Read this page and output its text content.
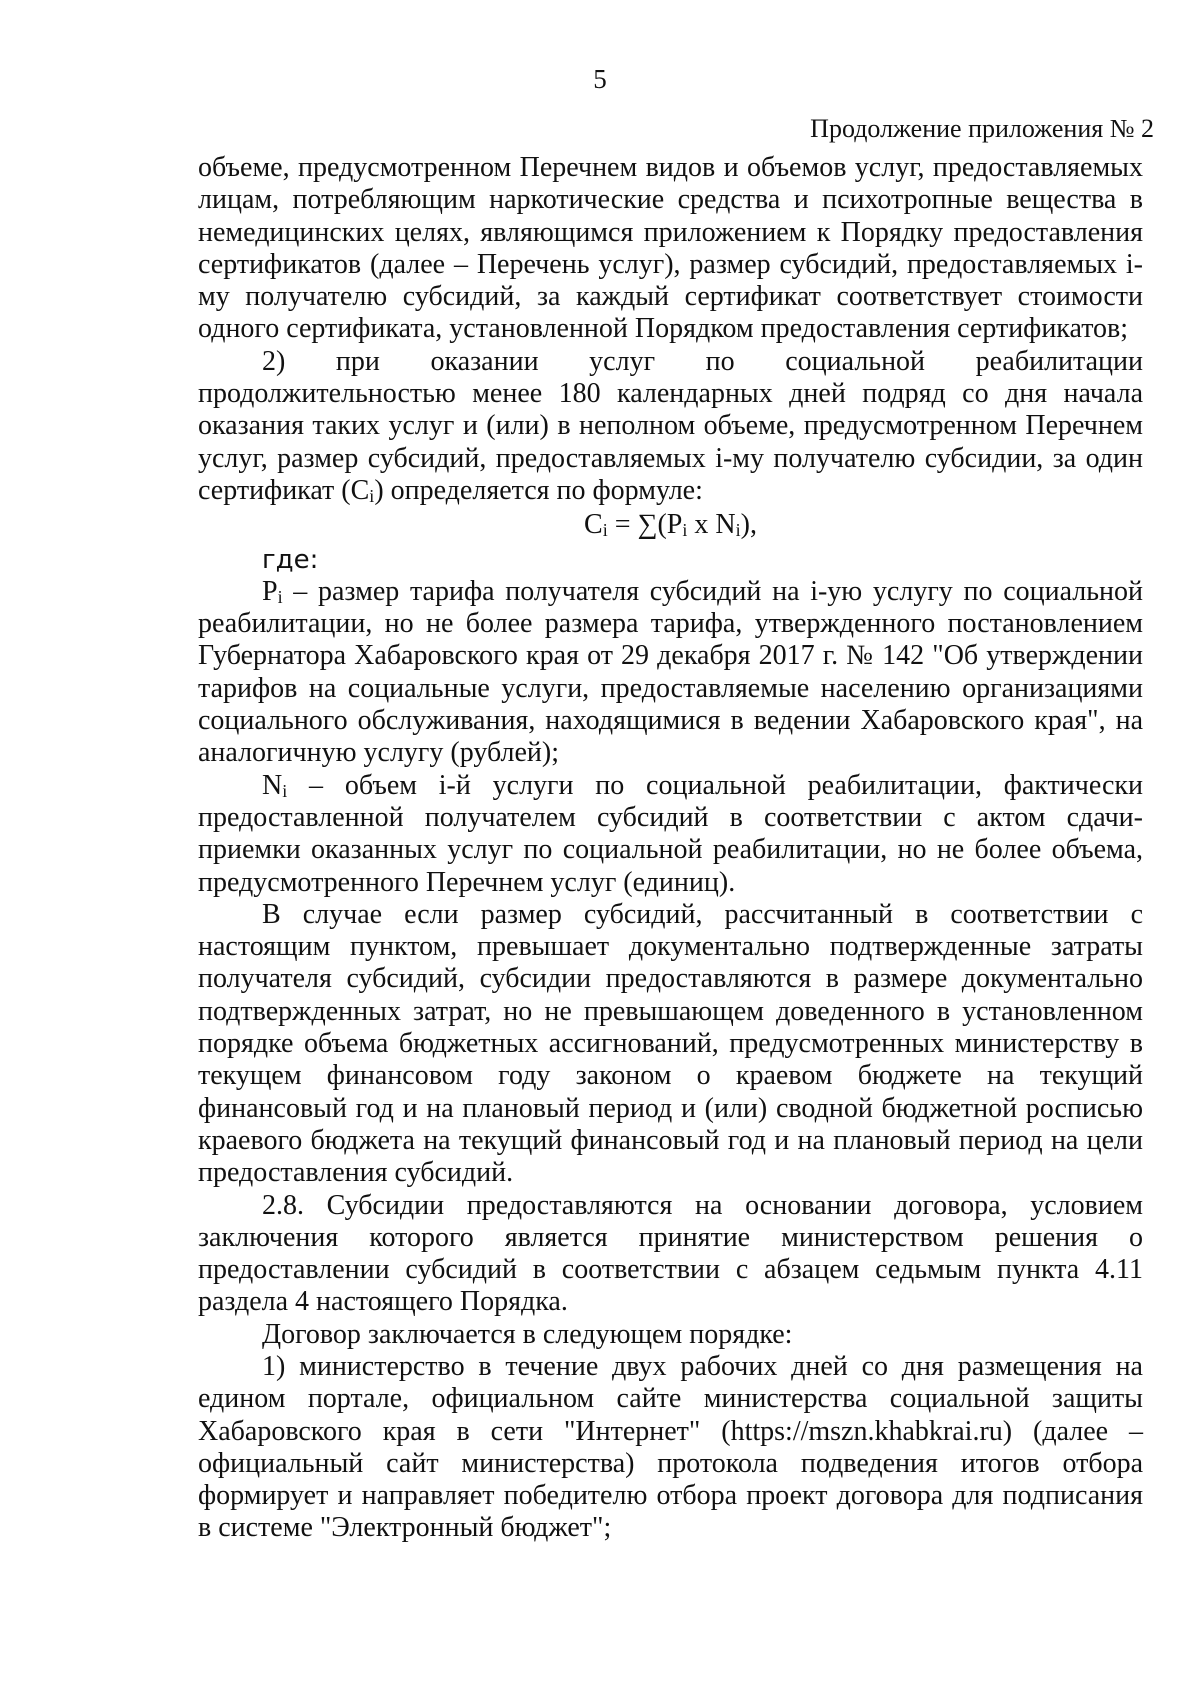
5
Продолжение приложения № 2

объеме, предусмотренном Перечнем видов и объемов услуг, предоставляемых лицам, потребляющим наркотические средства и психотропные вещества в немедицинских целях, являющимся приложением к Порядку предоставления сертификатов (далее – Перечень услуг), размер субсидий, предоставляемых i-му получателю субсидий, за каждый сертификат соответствует стоимости одного сертификата, установленной Порядком предоставления сертификатов;

2) при оказании услуг по социальной реабилитации продолжительностью менее 180 календарных дней подряд со дня начала оказания таких услуг и (или) в неполном объеме, предусмотренном Перечнем услуг, размер субсидий, предоставляемых i-му получателю субсидии, за один сертификат $(C_i)$ определяется по формуле:

$C_i = \sum(P_i$ x $N_i$),

где:

$P_i$ – размер тарифа получателя субсидий на i-ую услугу по социальной реабилитации, но не более размера тарифа, утвержденного постановлением Губернатора Хабаровского края от 29 декабря 2017 г. № 142 "Об утверждении тарифов на социальные услуги, предоставляемые населению организациями социального обслуживания, находящимися в ведении Хабаровского края", на аналогичную услугу (рублей);

$N_i$ – объем i-й услуги по социальной реабилитации, фактически предоставленной получателем субсидий в соответствии с актом сдачи-приемки оказанных услуг по социальной реабилитации, но не более объема, предусмотренного Перечнем услуг (единиц).

В случае если размер субсидий, рассчитанный в соответствии с настоящим пунктом, превышает документально подтвержденные затраты получателя субсидий, субсидии предоставляются в размере документально подтвержденных затрат, но не превышающем доведенного в установленном порядке объема бюджетных ассигнований, предусмотренных министерству в текущем финансовом году законом о краевом бюджете на текущий финансовый год и на плановый период и (или) сводной бюджетной росписью краевого бюджета на текущий финансовый год и на плановый период на цели предоставления субсидий.

2.8. Субсидии предоставляются на основании договора, условием заключения которого является принятие министерством решения о предоставлении субсидий в соответствии с абзацем седьмым пункта 4.11 раздела 4 настоящего Порядка.

Договор заключается в следующем порядке:

1) министерство в течение двух рабочих дней со дня размещения на едином портале, официальном сайте министерства социальной защиты Хабаровского края в сети "Интернет" (https://mszn.khabkrai.ru) (далее – официальный сайт министерства) протокола подведения итогов отбора формирует и направляет победителю отбора проект договора для подписания в системе "Электронный бюджет";
